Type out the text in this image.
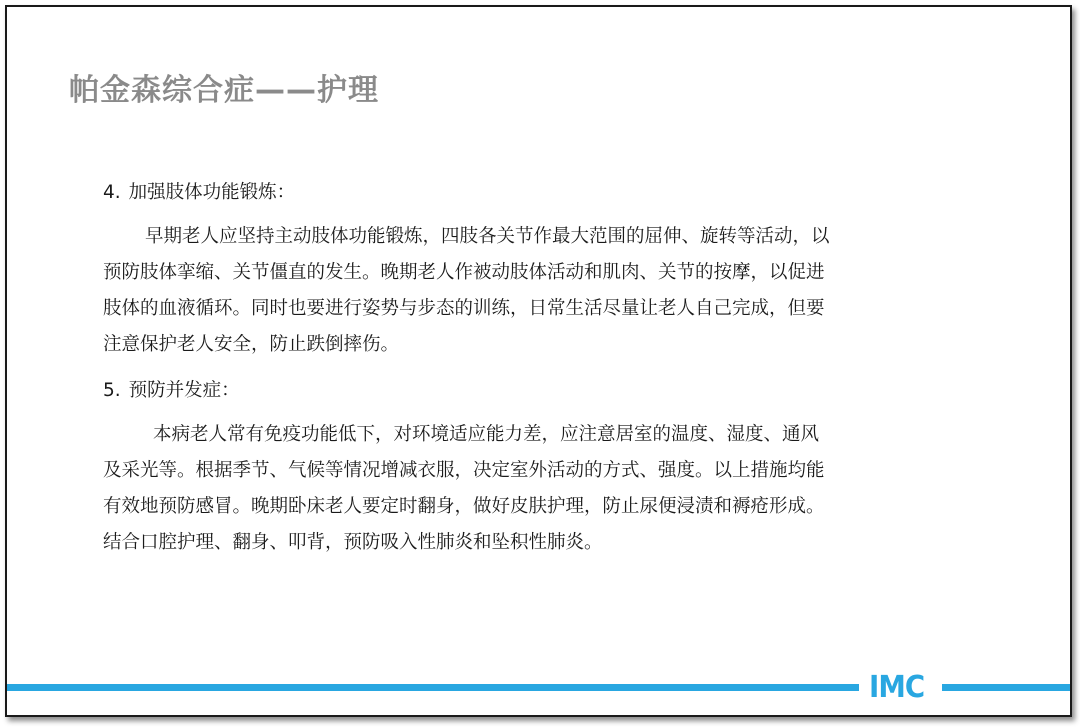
帕金森综合症——护理
4. 加强肢体功能锻炼：
早期老人应坚持主动肢体功能锻炼，四肢各关节作最大范围的屈伸、旋转等活动，以
预防肢体挛缩、关节僵直的发生。晚期老人作被动肢体活动和肌肉、关节的按摩，以促进
肢体的血液循环。同时也要进行姿势与步态的训练，日常生活尽量让老人自己完成，但要
注意保护老人安全，防止跌倒摔伤。
5. 预防并发症：
本病老人常有免疫功能低下，对环境适应能力差，应注意居室的温度、湿度、通风
及采光等。根据季节、气候等情况增减衣服，决定室外活动的方式、强度。以上措施均能
有效地预防感冒。晚期卧床老人要定时翻身，做好皮肤护理，防止尿便浸渍和褥疮形成。
结合口腔护理、翻身、叩背，预防吸入性肺炎和坠积性肺炎。
IMC
